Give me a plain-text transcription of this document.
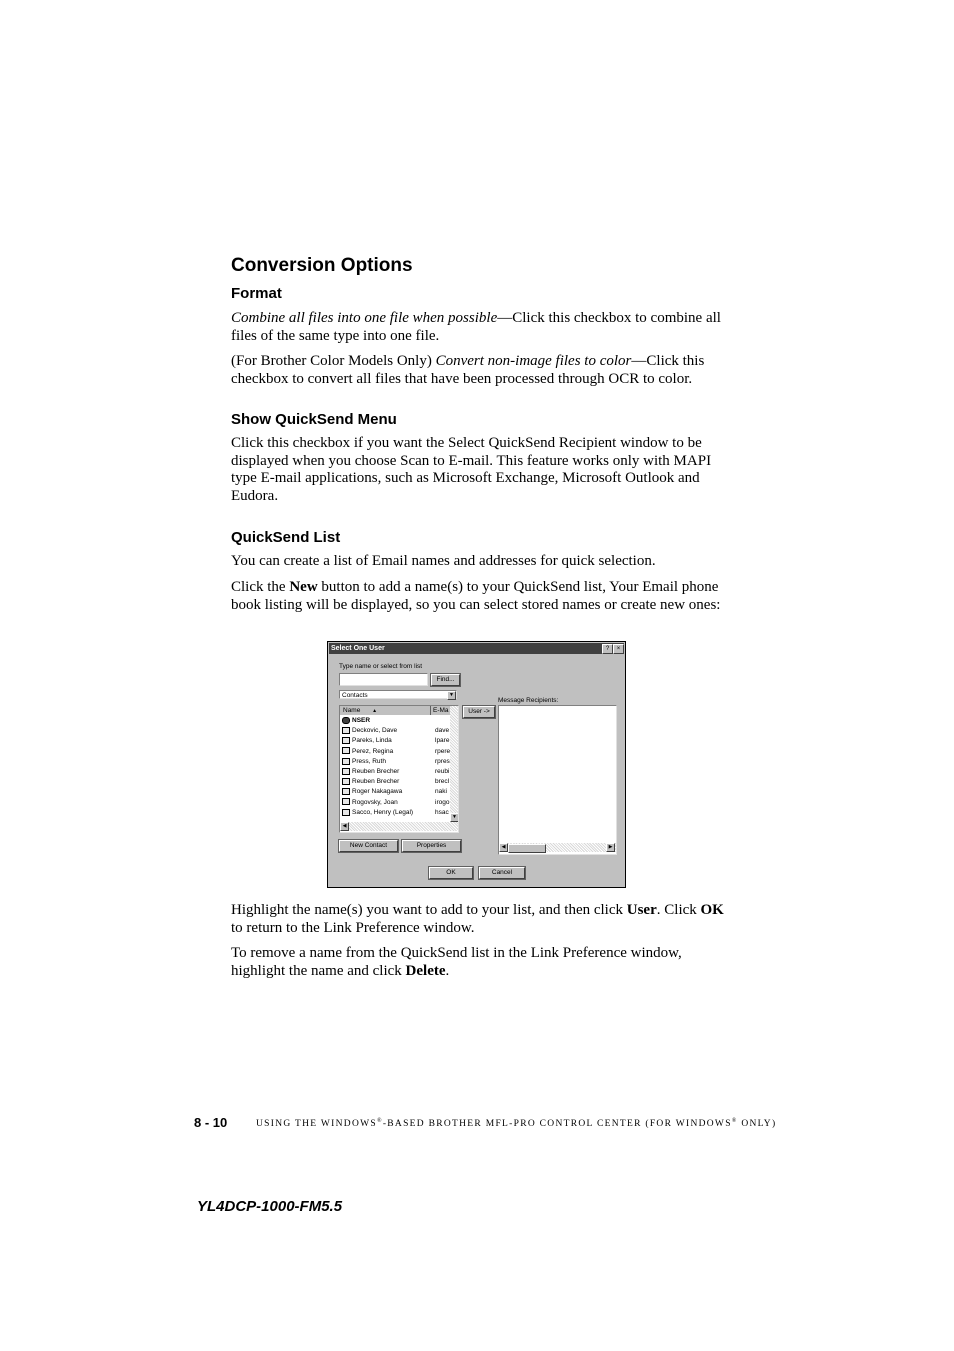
Conversion Options
Format

Combine all files into one file when possible—Click this checkbox to combine all files of the same type into one file.

(For Brother Color Models Only) Convert non-image files to color—Click this checkbox to convert all files that have been processed through OCR to color.

Show QuickSend Menu

Click this checkbox if you want the Select QuickSend Recipient window to be displayed when you choose Scan to E-mail. This feature works only with MAPI type E-mail applications, such as Microsoft Exchange, Microsoft Outlook and Eudora.

QuickSend List

You can create a list of Email names and addresses for quick selection.

Click the New button to add a name(s) to your QuickSend list, Your Email phone book listing will be displayed, so you can select stored names or create new ones:

Select One User	?	×
Type name or select from list
Find...
Contacts	▼
Message Recipients:
Name ▲	E-Ma
NSER
Deckovic, Dave	dave
Pareks, Linda	lpare
Perez, Regina	rpere
Press, Ruth	rpres
Reuben Brecher	reubi
Reuben Brecher	brecl
Roger Nakagawa	naki
Rogovsky, Joan	irogo
Sacco, Henry (Legal)	hsac
▼
◀
User ->
◀	▶
New Contact	Properties
OK	Cancel

Highlight the name(s) you want to add to your list, and then click User. Click OK to return to the Link Preference window.

To remove a name from the QuickSend list in the Link Preference window, highlight the name and click Delete.

8 - 10	USING THE WINDOWS®-BASED BROTHER MFL-PRO CONTROL CENTER (FOR WINDOWS® ONLY)
YL4DCP-1000-FM5.5
